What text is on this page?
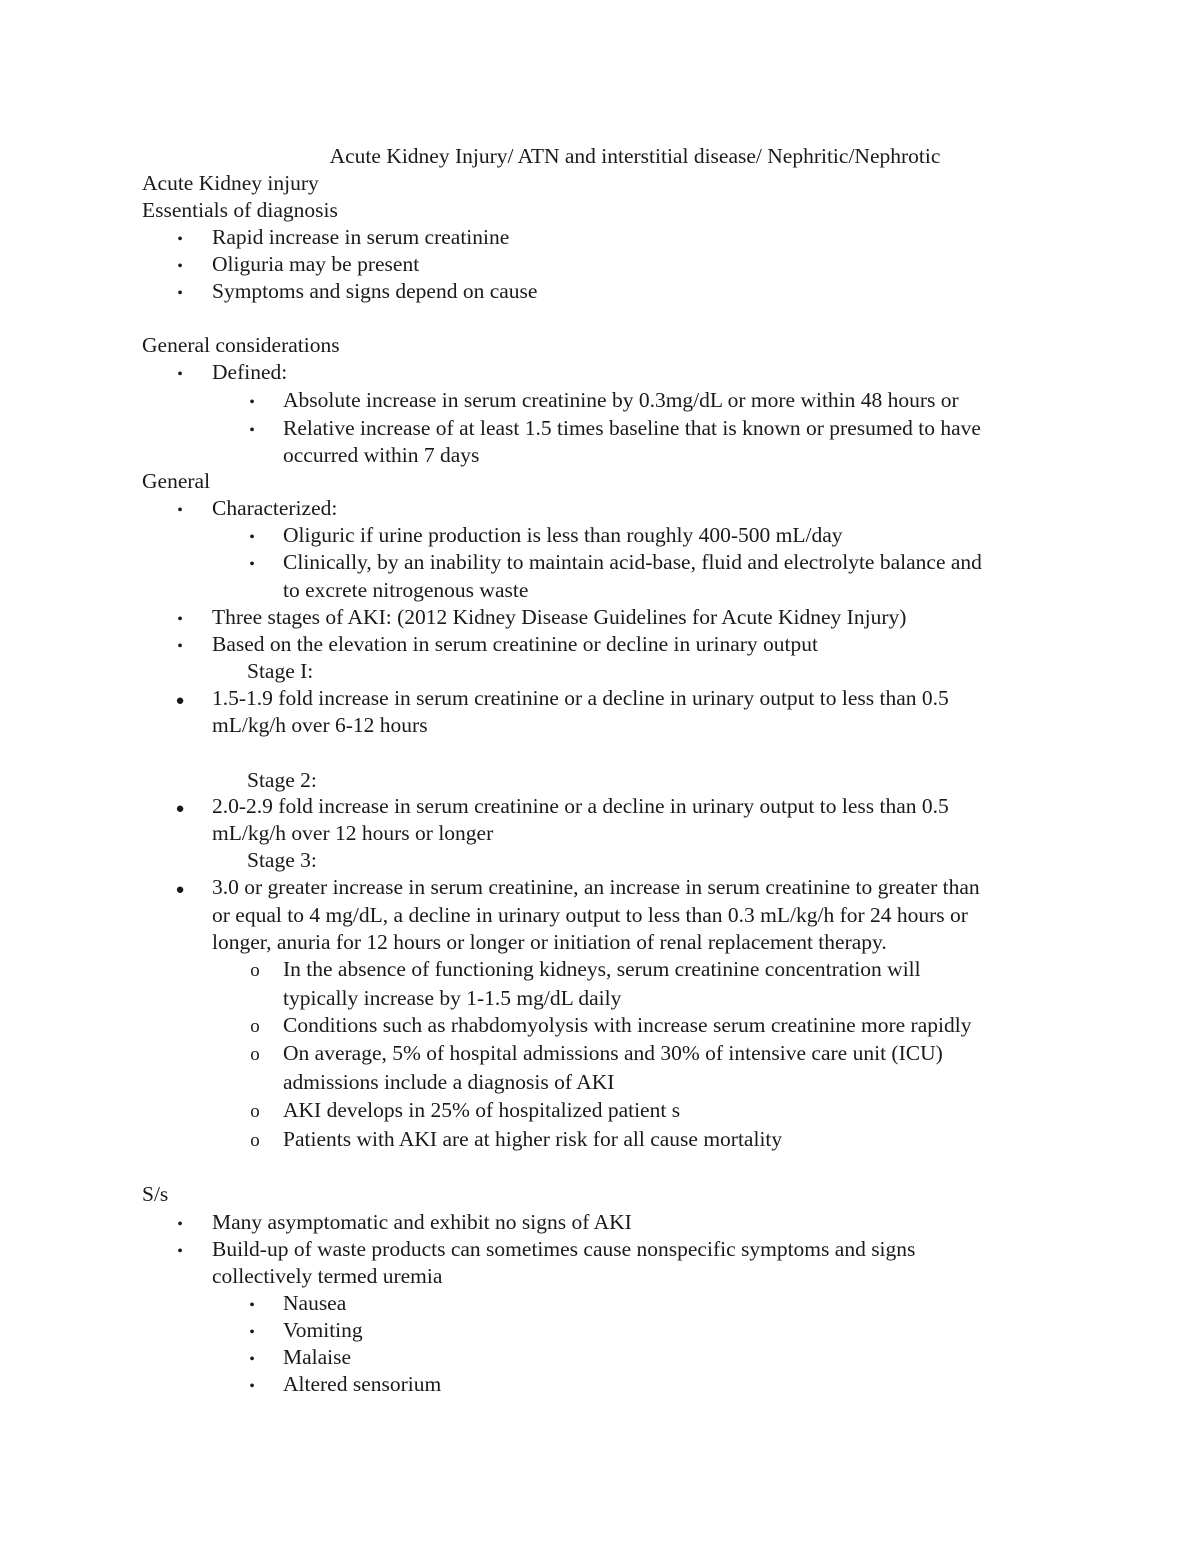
Acute Kidney Injury/ ATN and interstitial disease/ Nephritic/Nephrotic
Acute Kidney injury
Essentials of diagnosis
•
Rapid increase in serum creatinine
•
Oliguria may be present
•
Symptoms and signs depend on cause
General considerations
•
Defined:
•
Absolute increase in serum creatinine by 0.3mg/dL or more within 48 hours or
•
Relative increase of at least 1.5 times baseline that is known or presumed to have
occurred within 7 days
General
•
Characterized:
•
Oliguric if urine production is less than roughly 400-500 mL/day
•
Clinically, by an inability to maintain acid-base, fluid and electrolyte balance and
to excrete nitrogenous waste
•
Three stages of AKI: (2012 Kidney Disease Guidelines for Acute Kidney Injury)
•
Based on the elevation in serum creatinine or decline in urinary output
Stage I:
●
1.5-1.9 fold increase in serum creatinine or a decline in urinary output to less than 0.5
mL/kg/h over 6-12 hours
Stage 2:
●
2.0-2.9 fold increase in serum creatinine or a decline in urinary output to less than 0.5
mL/kg/h over 12 hours or longer
Stage 3:
●
3.0 or greater increase in serum creatinine, an increase in serum creatinine to greater than
or equal to 4 mg/dL, a decline in urinary output to less than 0.3 mL/kg/h for 24 hours or
longer, anuria for 12 hours or longer or initiation of renal replacement therapy.
o
In the absence of functioning kidneys, serum creatinine concentration will
typically increase by 1-1.5 mg/dL daily
o
Conditions such as rhabdomyolysis with increase serum creatinine more rapidly
o
On average, 5% of hospital admissions and 30% of intensive care unit (ICU)
admissions include a diagnosis of AKI
o
AKI develops in 25% of hospitalized patient s
o
Patients with AKI are at higher risk for all cause mortality
S/s
•
Many asymptomatic and exhibit no signs of AKI
•
Build-up of waste products can sometimes cause nonspecific symptoms and signs
collectively termed uremia
•
Nausea
•
Vomiting
•
Malaise
•
Altered sensorium
